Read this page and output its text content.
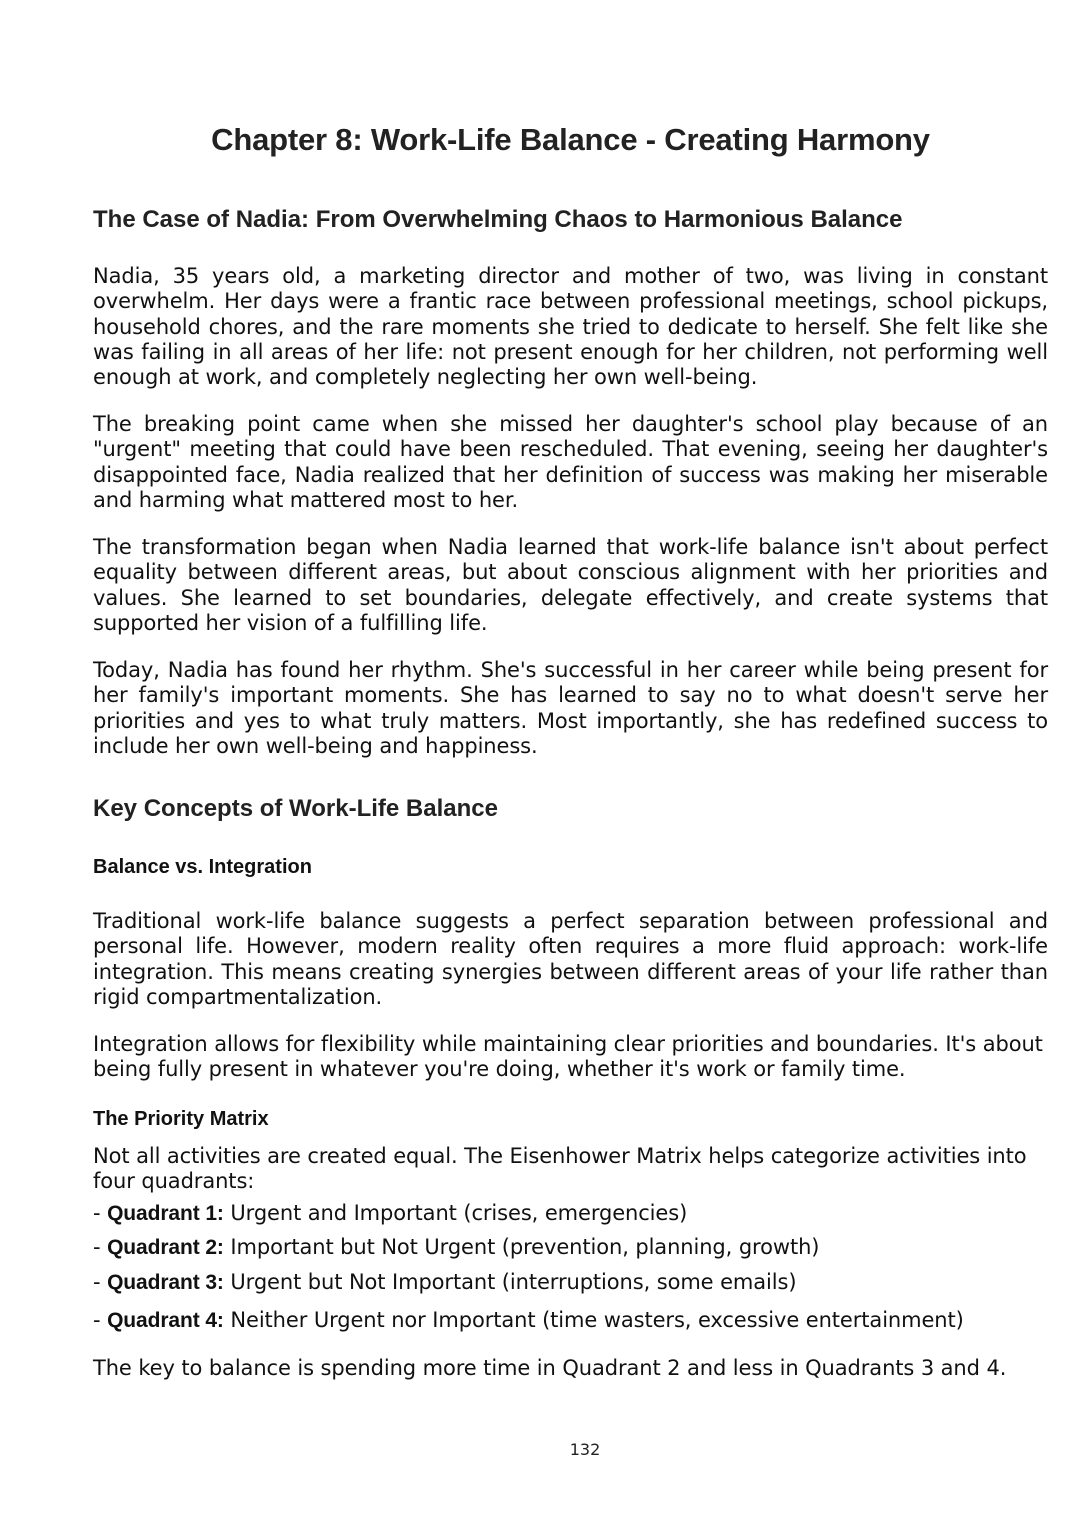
Chapter 8: Work-Life Balance - Creating Harmony
The Case of Nadia: From Overwhelming Chaos to Harmonious Balance

Nadia, 35 years old, a marketing director and mother of two, was living in constant overwhelm. Her days were a frantic race between professional meetings, school pickups, household chores, and the rare moments she tried to dedicate to herself. She felt like she was failing in all areas of her life: not present enough for her children, not performing well enough at work, and completely neglecting her own well-being.

The breaking point came when she missed her daughter's school play because of an "urgent" meeting that could have been rescheduled. That evening, seeing her daughter's disappointed face, Nadia realized that her definition of success was making her miserable and harming what mattered most to her.

The transformation began when Nadia learned that work-life balance isn't about perfect equality between different areas, but about conscious alignment with her priorities and values. She learned to set boundaries, delegate effectively, and create systems that supported her vision of a fulfilling life.

Today, Nadia has found her rhythm. She's successful in her career while being present for her family's important moments. She has learned to say no to what doesn't serve her priorities and yes to what truly matters. Most importantly, she has redefined success to include her own well-being and happiness.

Key Concepts of Work-Life Balance
Balance vs. Integration

Traditional work-life balance suggests a perfect separation between professional and personal life. However, modern reality often requires a more fluid approach: work-life integration. This means creating synergies between different areas of your life rather than rigid compartmentalization.

Integration allows for flexibility while maintaining clear priorities and boundaries. It's about being fully present in whatever you're doing, whether it's work or family time.

The Priority Matrix

Not all activities are created equal. The Eisenhower Matrix helps categorize activities into four quadrants:

- Quadrant 1: Urgent and Important (crises, emergencies)
- Quadrant 2: Important but Not Urgent (prevention, planning, growth)
- Quadrant 3: Urgent but Not Important (interruptions, some emails)
- Quadrant 4: Neither Urgent nor Important (time wasters, excessive entertainment)

The key to balance is spending more time in Quadrant 2 and less in Quadrants 3 and 4.

132
